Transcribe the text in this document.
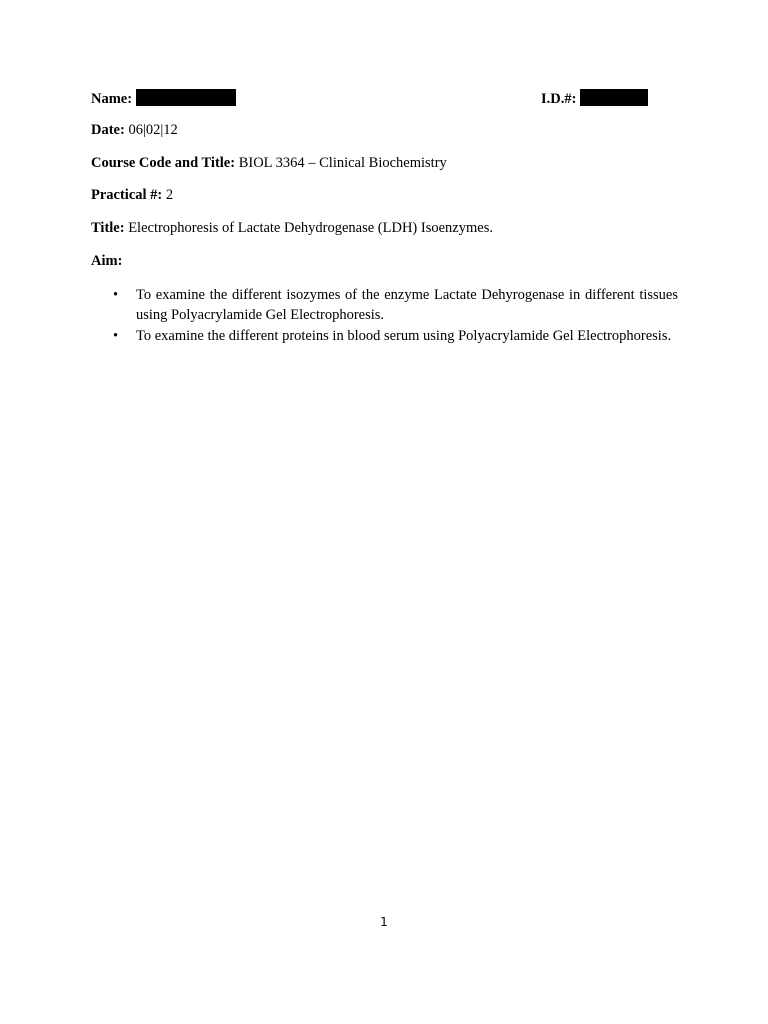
Name:	I.D.#:
Date: 06|02|12
Course Code and Title: BIOL 3364 – Clinical Biochemistry
Practical #: 2
Title: Electrophoresis of Lactate Dehydrogenase (LDH) Isoenzymes.
Aim:
• To examine the different isozymes of the enzyme Lactate Dehyrogenase in different tissues using Polyacrylamide Gel Electrophoresis.
• To examine the different proteins in blood serum using Polyacrylamide Gel Electrophoresis.
1
